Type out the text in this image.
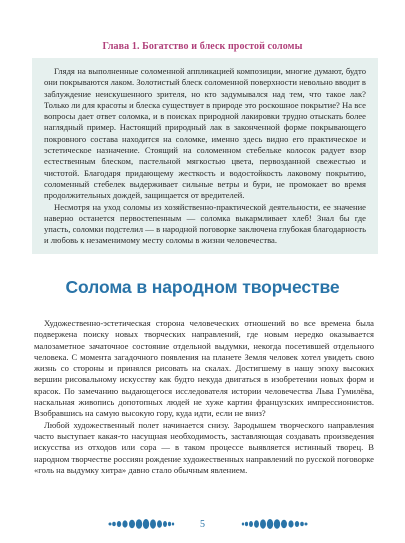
Глава 1. Богатство и блеск простой соломы

Глядя на выполненные соломенной аппликацией композиции, многие думают, будто они покрываются лаком. Золотистый блеск соломенной поверхности невольно вводит в заблуждение неискушенного зрителя, но кто задумывался над тем, что такое лак? Только ли для красоты и блеска существует в природе это роскошное покрытие? На все вопросы дает ответ соломка, и в поисках природной лакировки трудно отыскать более наглядный пример. Настоящий природный лак в законченной форме покрывающего покровного состава находится на соломке, именно здесь видно его практическое и эстетическое назначение. Стоящий на соломенном стебельке колосок радует взор естественным блеском, пастельной мягкостью цвета, первозданной свежестью и чистотой. Благодаря придающему жесткость и водостойкость лаковому покрытию, соломенный стебелек выдерживает сильные ветры и бури, не промокает во время продолжительных дождей, защищается от вредителей.

Несмотря на уход соломы из хозяйственно-практической деятельности, ее значение наверно останется первостепенным — соломка выкармливает хлеб! Знал бы где упасть, соломки подстелил — в народной поговорке заключена глубокая благодарность и любовь к незаменимому месту соломы в жизни человечества.

Солома в народном творчестве

Художественно-эстетическая сторона человеческих отношений во все времена была подвержена поиску новых творческих направлений, где новым нередко оказывается малозаметное зачаточное состояние отдельной выдумки, некогда посетившей отдельного человека. С момента загадочного появления на планете Земля человек хотел увидеть свою жизнь со стороны и принялся рисовать на скалах. Достигшему в нашу эпоху высоких вершин рисовальному искусству как будто некуда двигаться в изобретении новых форм и красок. По замечанию выдающегося исследователя истории человечества Льва Гумилёва, наскальная живопись допотопных людей не хуже картин французских импрессионистов. Взобравшись на самую высокую гору, куда идти, если не вниз?

Любой художественный полет начинается снизу. Зародышем творческого направления часто выступает какая-то насущная необходимость, заставляющая создавать произведения искусства из отходов или сора — в таком процессе выявляется истинный творец. В народном творчестве россиян рождение художественных направлений по русской поговорке «голь на выдумку хитра» давно стало обычным явлением.

5
